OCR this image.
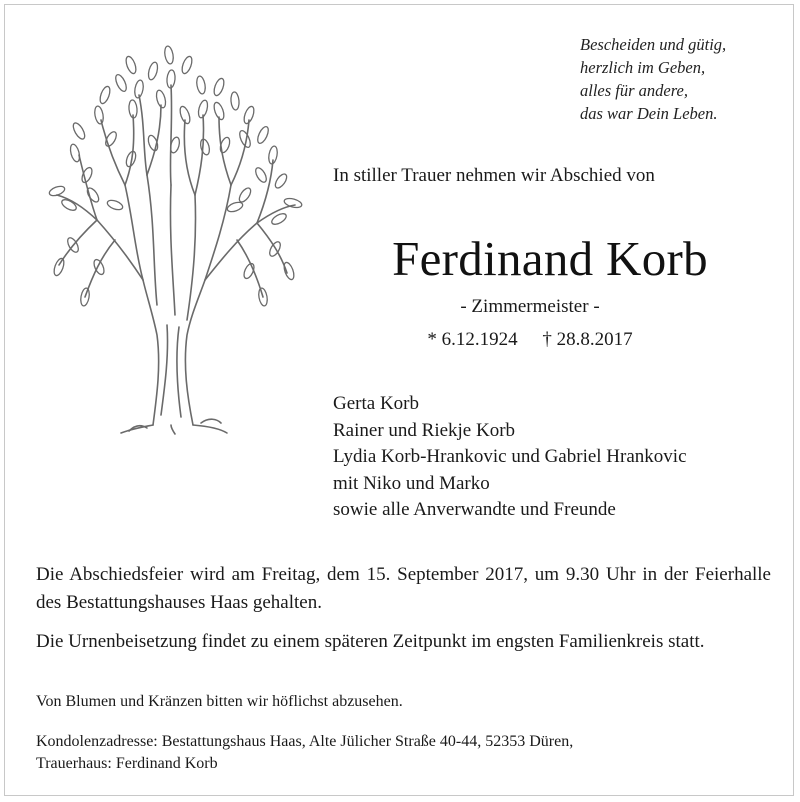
Bescheiden und gütig,
herzlich im Geben,
alles für andere,
das war Dein Leben.
In stiller Trauer nehmen wir Abschied von
Ferdinand Korb
- Zimmermeister -
* 6.12.1924 † 28.8.2017
Gerta Korb
Rainer und Riekje Korb
Lydia Korb-Hrankovic und Gabriel Hrankovic
mit Niko und Marko
sowie alle Anverwandte und Freunde
Die Abschiedsfeier wird am Freitag, dem 15. September 2017, um 9.30 Uhr in der Feierhalle des Bestattungshauses Haas gehalten.
Die Urnenbeisetzung findet zu einem späteren Zeitpunkt im engsten Familienkreis statt.
Von Blumen und Kränzen bitten wir höflichst abzusehen.
Kondolenzadresse: Bestattungshaus Haas, Alte Jülicher Straße 40-44, 52353 Düren,
Trauerhaus: Ferdinand Korb
